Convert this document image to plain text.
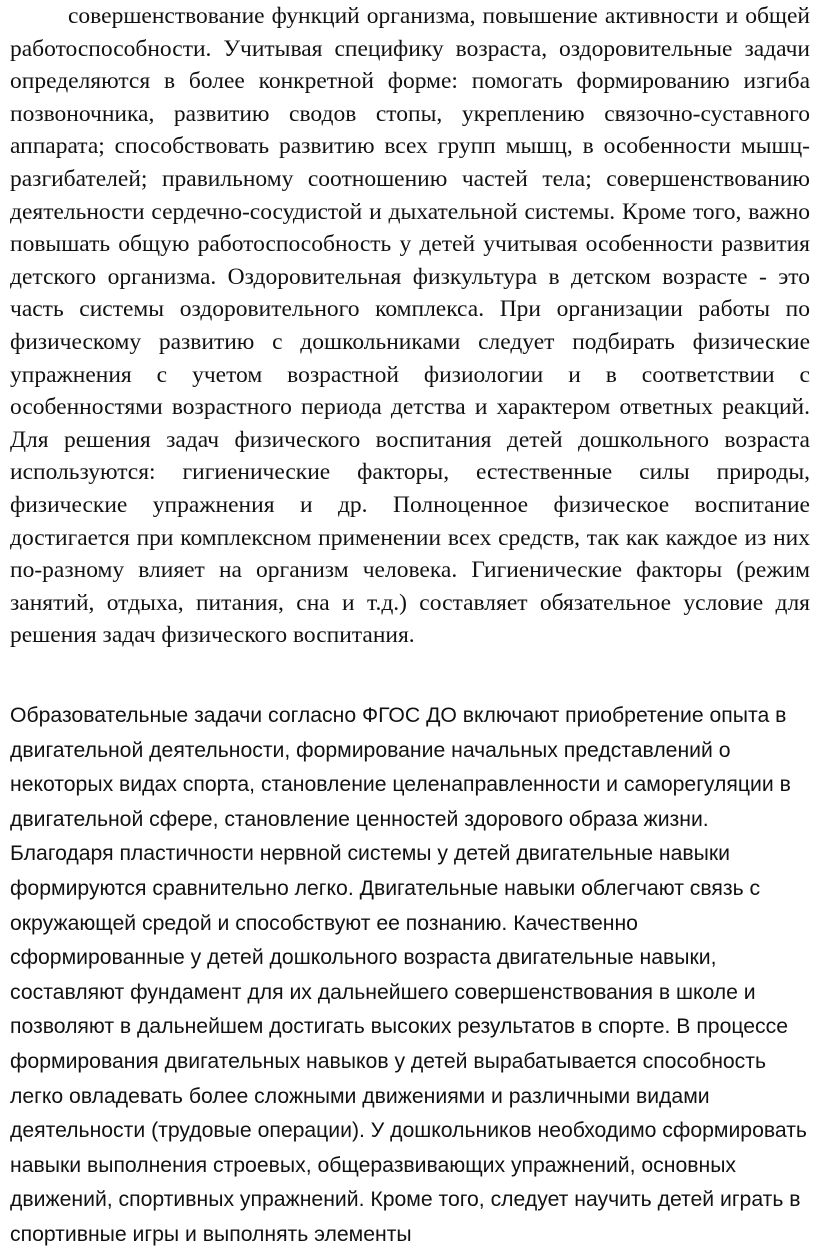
совершенствование функций организма, повышение активности и общей работоспособности. Учитывая специфику возраста, оздоровительные задачи определяются в более конкретной форме: помогать формированию изгиба позвоночника, развитию сводов стопы, укреплению связочно-суставного аппарата; способствовать развитию всех групп мышц, в особенности мышц-разгибателей; правильному соотношению частей тела; совершенствованию деятельности сердечно-сосудистой и дыхательной системы. Кроме того, важно повышать общую работоспособность у детей учитывая особенности развития детского организма. Оздоровительная физкультура в детском возрасте - это часть системы оздоровительного комплекса. При организации работы по физическому развитию с дошкольниками следует подбирать физические упражнения с учетом возрастной физиологии и в соответствии с особенностями возрастного периода детства и характером ответных реакций. Для решения задач физического воспитания детей дошкольного возраста используются: гигиенические факторы, естественные силы природы, физические упражнения и др. Полноценное физическое воспитание достигается при комплексном применении всех средств, так как каждое из них по-разному влияет на организм человека. Гигиенические факторы (режим занятий, отдыха, питания, сна и т.д.) составляет обязательное условие для решения задач физического воспитания.

Образовательные задачи согласно ФГОС ДО включают приобретение опыта в двигательной деятельности, формирование начальных представлений о некоторых видах спорта, становление целенаправленности и саморегуляции в двигательной сфере, становление ценностей здорового образа жизни. Благодаря пластичности нервной системы у детей двигательные навыки формируются сравнительно легко. Двигательные навыки облегчают связь с окружающей средой и способствуют ее познанию. Качественно сформированные у детей дошкольного возраста двигательные навыки, составляют фундамент для их дальнейшего совершенствования в школе и позволяют в дальнейшем достигать высоких результатов в спорте. В процессе формирования двигательных навыков у детей вырабатывается способность легко овладевать более сложными движениями и различными видами деятельности (трудовые операции). У дошкольников необходимо сформировать навыки выполнения строевых, общеразвивающих упражнений, основных движений, спортивных упражнений. Кроме того, следует научить детей играть в спортивные игры и выполнять элементы
